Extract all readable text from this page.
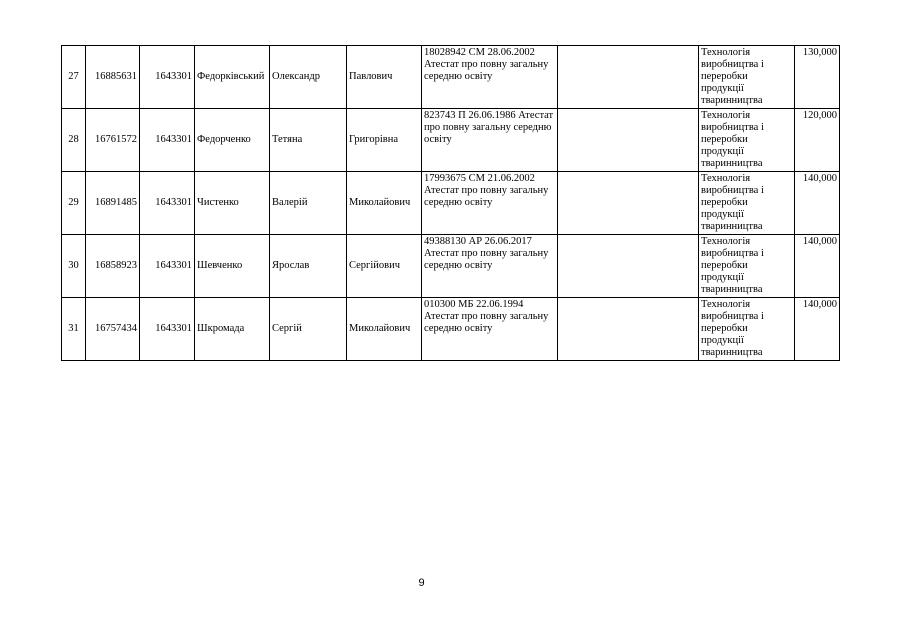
27	16885631	1643301	Федорківський	Олександр	Павлович	18028942 СМ 28.06.2002 Атестат про повну загальну середню освіту		Технологія виробництва і переробки продукції тваринництва	130,000
28	16761572	1643301	Федорченко	Тетяна	Григорівна	823743 П 26.06.1986 Атестат про повну загальну середню освіту		Технологія виробництва і переробки продукції тваринництва	120,000
29	16891485	1643301	Чистенко	Валерій	Миколайович	17993675 СМ 21.06.2002 Атестат про повну загальну середню освіту		Технологія виробництва і переробки продукції тваринництва	140,000
30	16858923	1643301	Шевченко	Ярослав	Сергійович	49388130 АР 26.06.2017 Атестат про повну загальну середню освіту		Технологія виробництва і переробки продукції тваринництва	140,000
31	16757434	1643301	Шкромада	Сергій	Миколайович	010300 МБ 22.06.1994 Атестат про повну загальну середню освіту		Технологія виробництва і переробки продукції тваринництва	140,000
9
